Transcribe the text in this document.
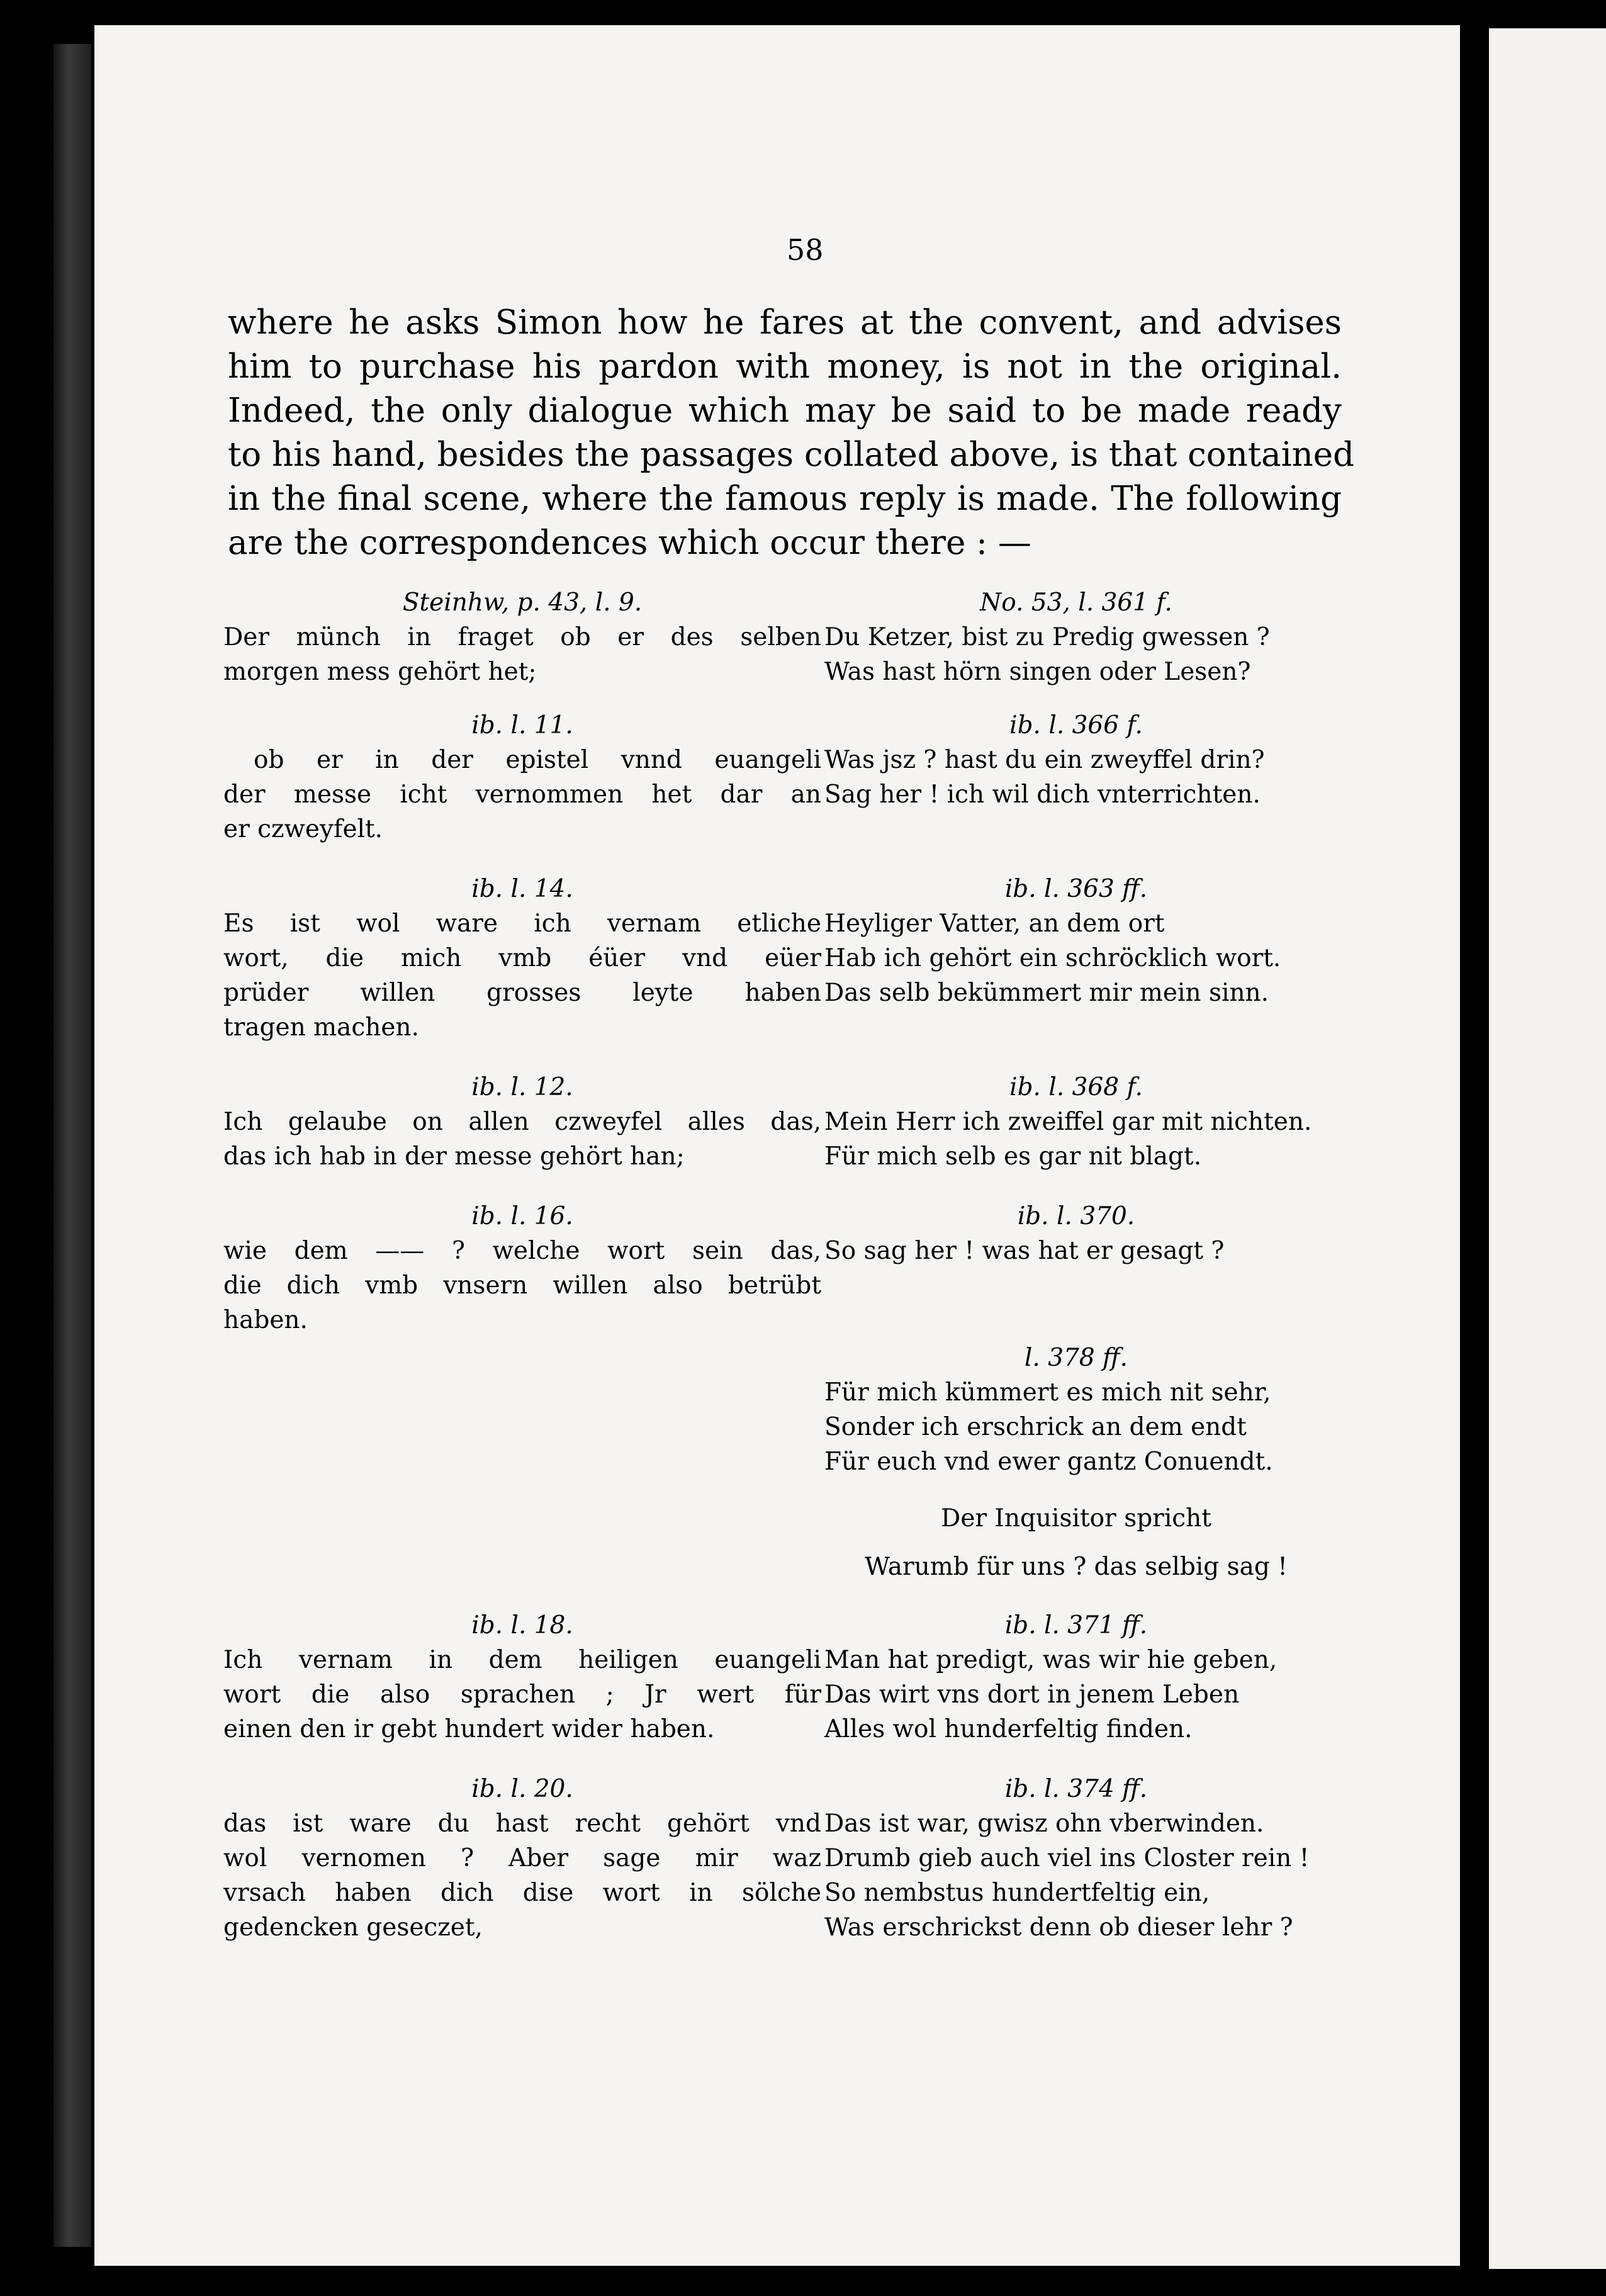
58

where he asks Simon how he fares at the convent, and advises
him to purchase his pardon with money, is not in the original.
Indeed, the only dialogue which may be said to be made ready
to his hand, besides the passages collated above, is that contained
in the final scene, where the famous reply is made. The following
are the correspondences which occur there : —

Steinhw, p. 43, l. 9.
Der münch in fraget ob er des selben
morgen mess gehört het;
ib. l. 11.
ob er in der epistel vnnd euangeli
der messe icht vernommen het dar an
er czweyfelt.
ib. l. 14.
Es ist wol ware ich vernam etliche
wort, die mich vmb éüer vnd eüer
prüder willen grosses leyte haben
tragen machen.
ib. l. 12.
Ich gelaube on allen czweyfel alles das,
das ich hab in der messe gehört han;
ib. l. 16.
wie dem —— ? welche wort sein das,
die dich vmb vnsern willen also betrübt
haben.
ib. l. 18.
Ich vernam in dem heiligen euangeli
wort die also sprachen ; Jr wert für
einen den ir gebt hundert wider haben.
ib. l. 20.
das ist ware du hast recht gehört vnd
wol vernomen ? Aber sage mir waz
vrsach haben dich dise wort in sölche
gedencken geseczet,
No. 53, l. 361 f.
Du Ketzer, bist zu Predig gwessen ?
Was hast hörn singen oder Lesen?
ib. l. 366 f.
Was jsz ? hast du ein zweyffel drin?
Sag her ! ich wil dich vnterrichten.
ib. l. 363 ff.
Heyliger Vatter, an dem ort
Hab ich gehört ein schröcklich wort.
Das selb bekümmert mir mein sinn.
ib. l. 368 f.
Mein Herr ich zweiffel gar mit nichten.
Für mich selb es gar nit blagt.
ib. l. 370.
So sag her ! was hat er gesagt ?
l. 378 ff.
Für mich kümmert es mich nit sehr,
Sonder ich erschrick an dem endt
Für euch vnd ewer gantz Conuendt.
Der Inquisitor spricht
Warumb für uns ? das selbig sag !
ib. l. 371 ff.
Man hat predigt, was wir hie geben,
Das wirt vns dort in jenem Leben
Alles wol hunderfeltig finden.
ib. l. 374 ff.
Das ist war, gwisz ohn vberwinden.
Drumb gieb auch viel ins Closter rein !
So nembstus hundertfeltig ein,
Was erschrickst denn ob dieser lehr ?
